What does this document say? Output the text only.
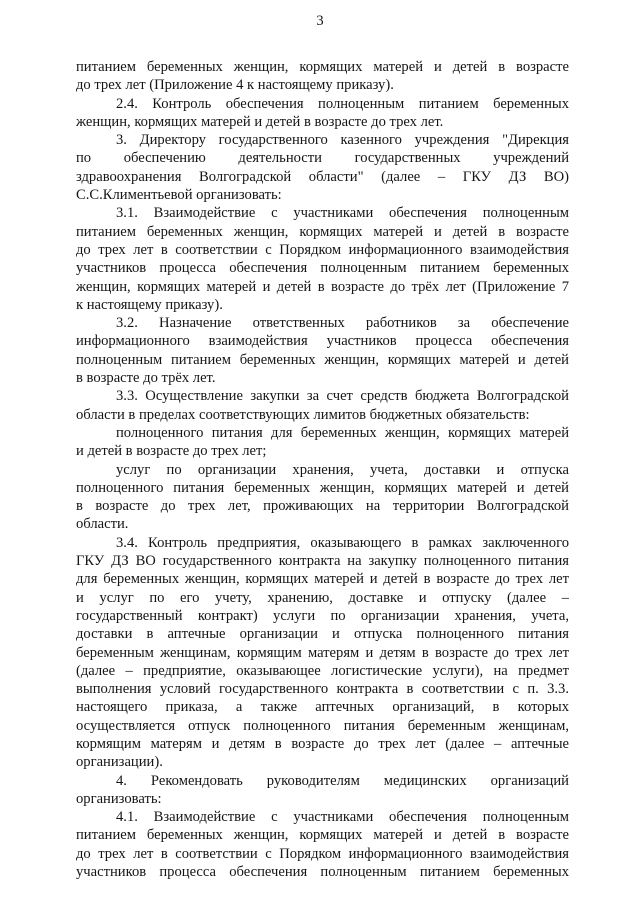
3
питанием беременных женщин, кормящих матерей и детей в возрасте
до трех лет (Приложение 4 к настоящему приказу).
2.4. Контроль обеспечения полноценным питанием беременных
женщин, кормящих матерей и детей в возрасте до трех лет.
3. Директору государственного казенного учреждения "Дирекция
по обеспечению деятельности государственных учреждений
здравоохранения Волгоградской области" (далее – ГКУ ДЗ ВО)
С.С.Климентьевой организовать:
3.1. Взаимодействие с участниками обеспечения полноценным
питанием беременных женщин, кормящих матерей и детей в возрасте
до трех лет в соответствии с Порядком информационного взаимодействия
участников процесса обеспечения полноценным питанием беременных
женщин, кормящих матерей и детей в возрасте до трёх лет (Приложение 7
к настоящему приказу).
3.2. Назначение ответственных работников за обеспечение
информационного взаимодействия участников процесса обеспечения
полноценным питанием беременных женщин, кормящих матерей и детей
в возрасте до трёх лет.
3.3. Осуществление закупки за счет средств бюджета Волгоградской
области в пределах соответствующих лимитов бюджетных обязательств:
полноценного питания для беременных женщин, кормящих матерей
и детей в возрасте до трех лет;
услуг по организации хранения, учета, доставки и отпуска
полноценного питания беременных женщин, кормящих матерей и детей
в возрасте до трех лет, проживающих на территории Волгоградской
области.
3.4. Контроль предприятия, оказывающего в рамках заключенного
ГКУ ДЗ ВО государственного контракта на закупку полноценного питания
для беременных женщин, кормящих матерей и детей в возрасте до трех лет
и услуг по его учету, хранению, доставке и отпуску (далее –
государственный контракт) услуги по организации хранения, учета,
доставки в аптечные организации и отпуска полноценного питания
беременным женщинам, кормящим матерям и детям в возрасте до трех лет
(далее – предприятие, оказывающее логистические услуги), на предмет
выполнения условий государственного контракта в соответствии с п. 3.3.
настоящего приказа, а также аптечных организаций, в которых
осуществляется отпуск полноценного питания беременным женщинам,
кормящим матерям и детям в возрасте до трех лет (далее – аптечные
организации).
4. Рекомендовать руководителям медицинских организаций
организовать:
4.1. Взаимодействие с участниками обеспечения полноценным
питанием беременных женщин, кормящих матерей и детей в возрасте
до трех лет в соответствии с Порядком информационного взаимодействия
участников процесса обеспечения полноценным питанием беременных
